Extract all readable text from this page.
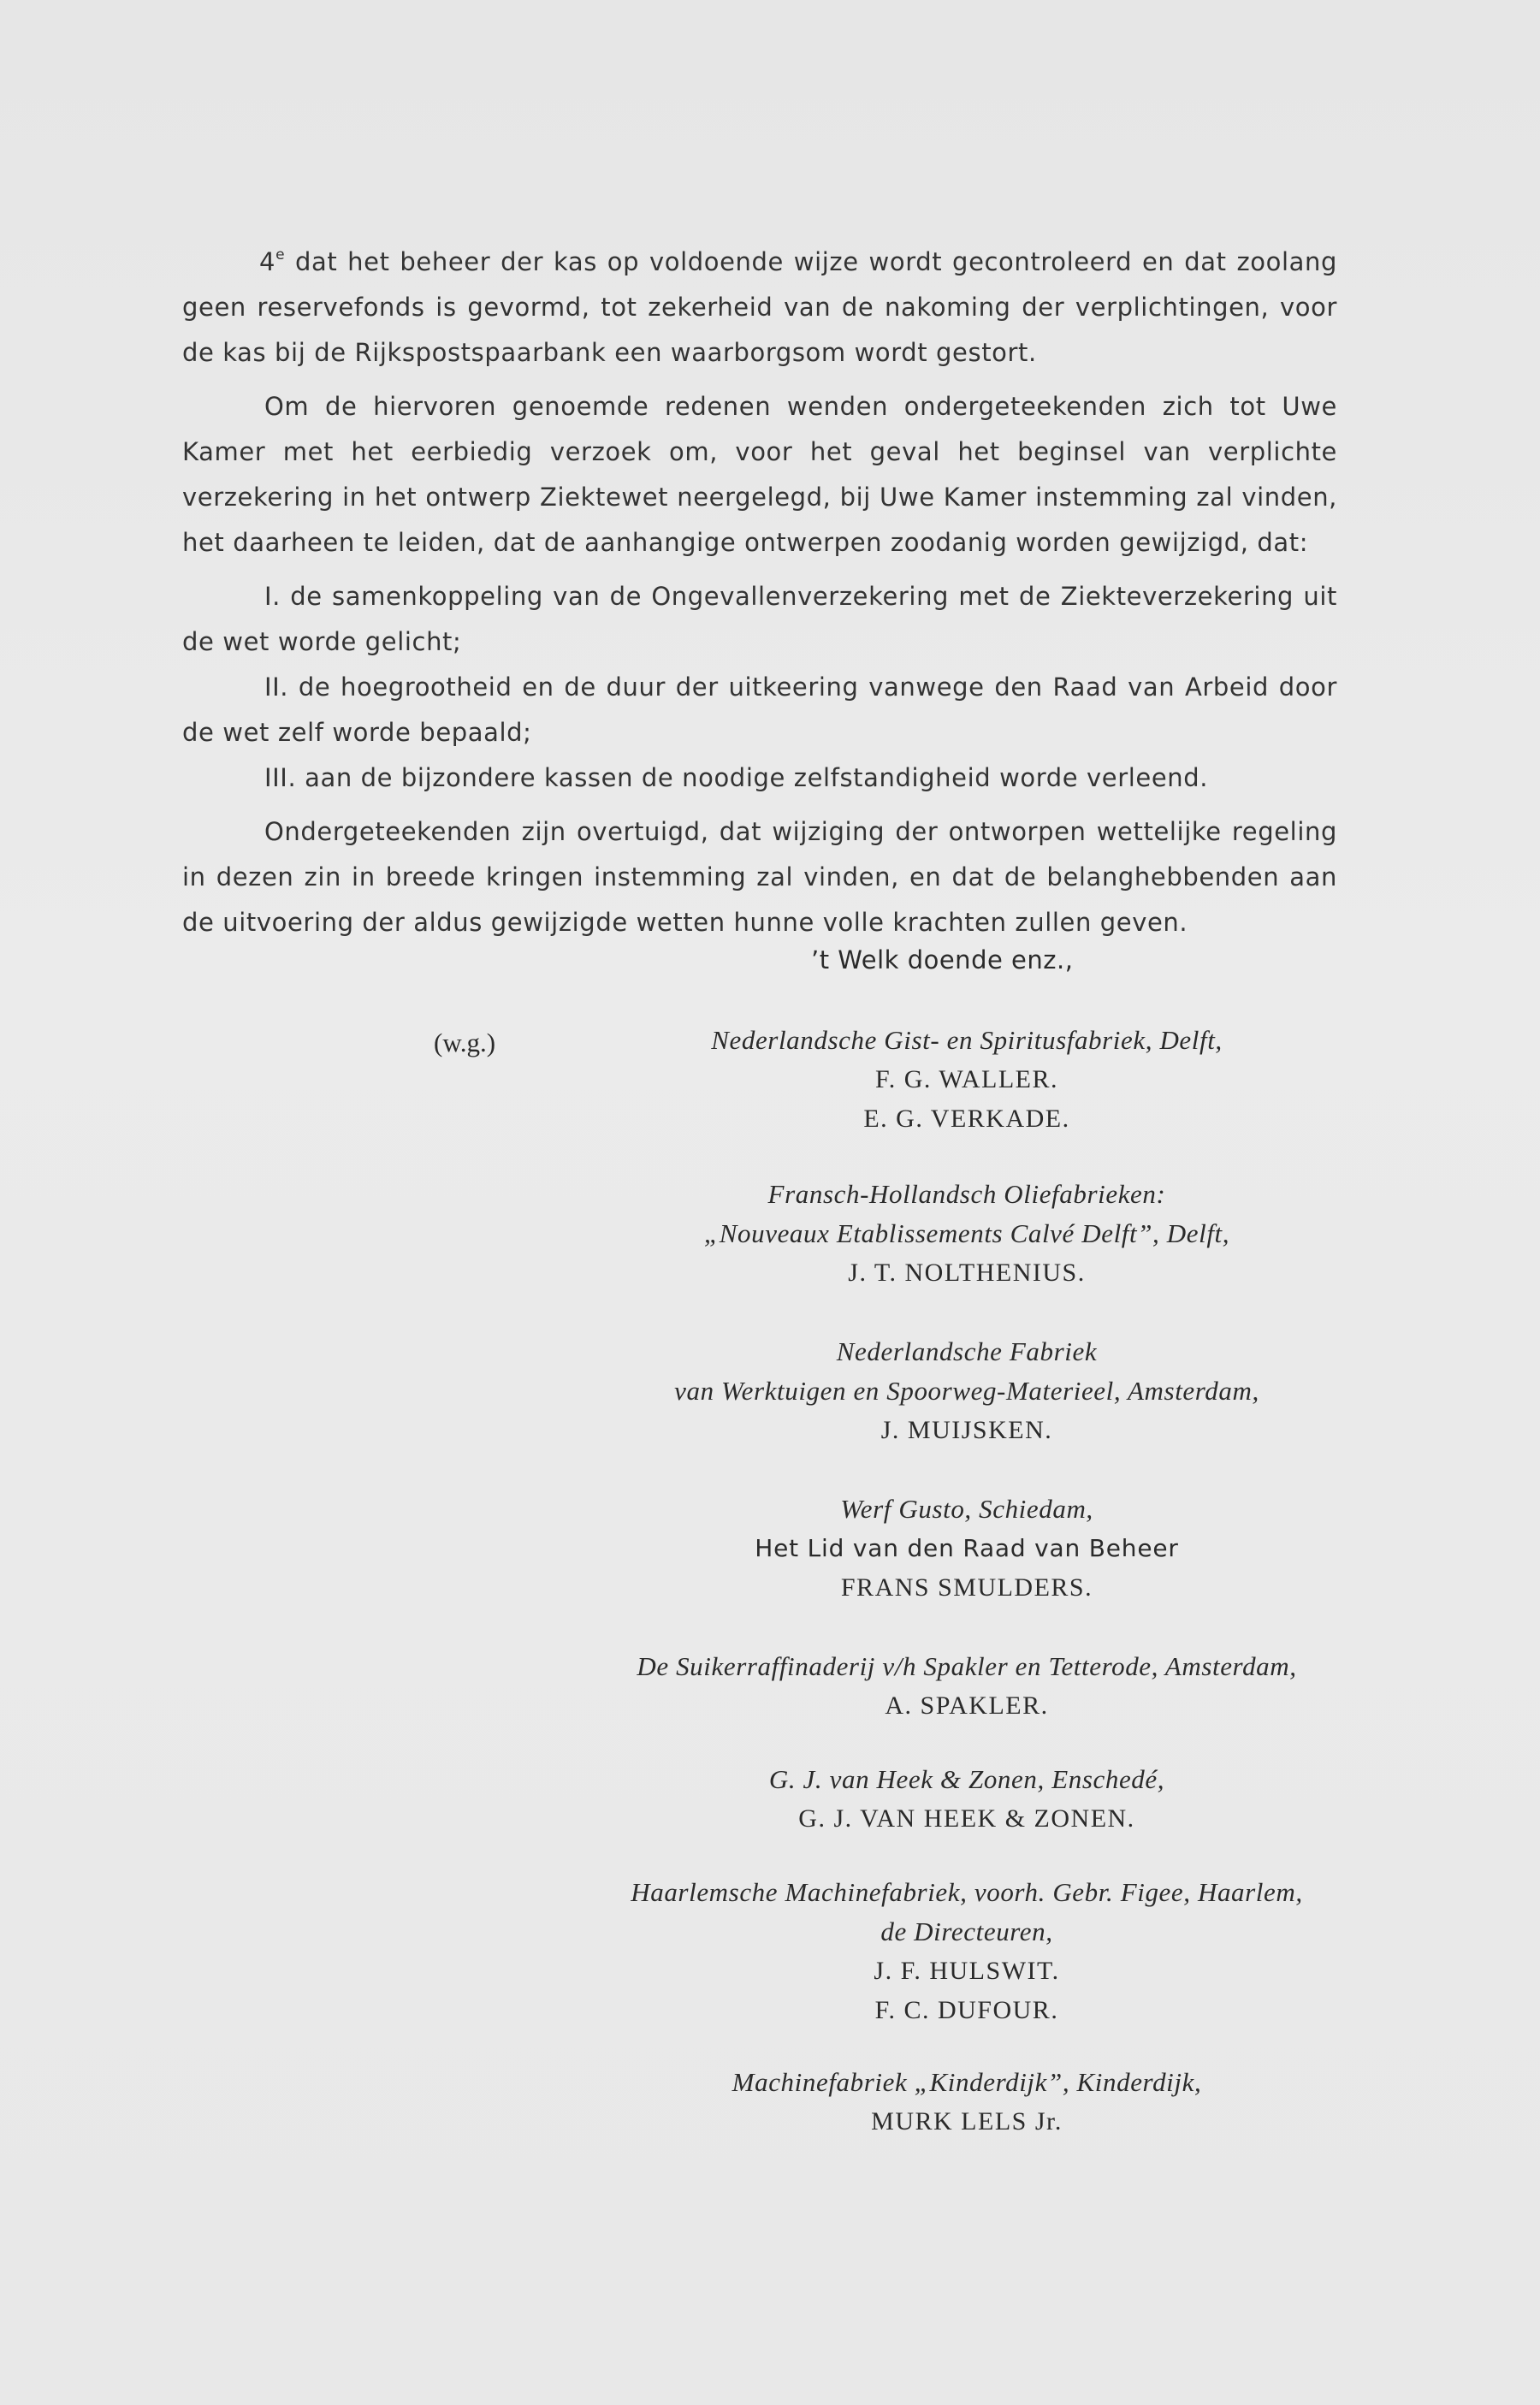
4e dat het beheer der kas op voldoende wijze wordt gecontroleerd en dat zoolang geen reservefonds is gevormd, tot zekerheid van de nakoming der verplichtingen, voor de kas bij de Rijkspostspaarbank een waarborgsom wordt gestort.

Om de hiervoren genoemde redenen wenden ondergeteekenden zich tot Uwe Kamer met het eerbiedig verzoek om, voor het geval het beginsel van verplichte verzekering in het ontwerp Ziektewet neergelegd, bij Uwe Kamer instemming zal vinden, het daarheen te leiden, dat de aanhangige ontwerpen zoodanig worden gewijzigd, dat:

I. de samenkoppeling van de Ongevallenverzekering met de Ziekteverzekering uit de wet worde gelicht;

II. de hoegrootheid en de duur der uitkeering vanwege den Raad van Arbeid door de wet zelf worde bepaald;

III. aan de bijzondere kassen de noodige zelfstandigheid worde verleend.

Ondergeteekenden zijn overtuigd, dat wijziging der ontworpen wettelijke regeling in dezen zin in breede kringen instemming zal vinden, en dat de belanghebbenden aan de uitvoering der aldus gewijzigde wetten hunne volle krachten zullen geven.

’t Welk doende enz.,
(w.g.)	Nederlandsche Gist- en Spiritusfabriek, Delft,
F. G. WALLER.
E. G. VERKADE.
Fransch-Hollandsch Oliefabrieken:
„Nouveaux Etablissements Calvé Delft”, Delft,
J. T. NOLTHENIUS.
Nederlandsche Fabriek
van Werktuigen en Spoorweg-Materieel, Amsterdam,
J. MUIJSKEN.
Werf Gusto, Schiedam,
Het Lid van den Raad van Beheer
FRANS SMULDERS.
De Suikerraffinaderij v/h Spakler en Tetterode, Amsterdam,
A. SPAKLER.
G. J. van Heek & Zonen, Enschedé,
G. J. VAN HEEK & ZONEN.
Haarlemsche Machinefabriek, voorh. Gebr. Figee, Haarlem,
de Directeuren,
J. F. HULSWIT.
F. C. DUFOUR.
Machinefabriek „Kinderdijk”, Kinderdijk,
MURK LELS Jr.
